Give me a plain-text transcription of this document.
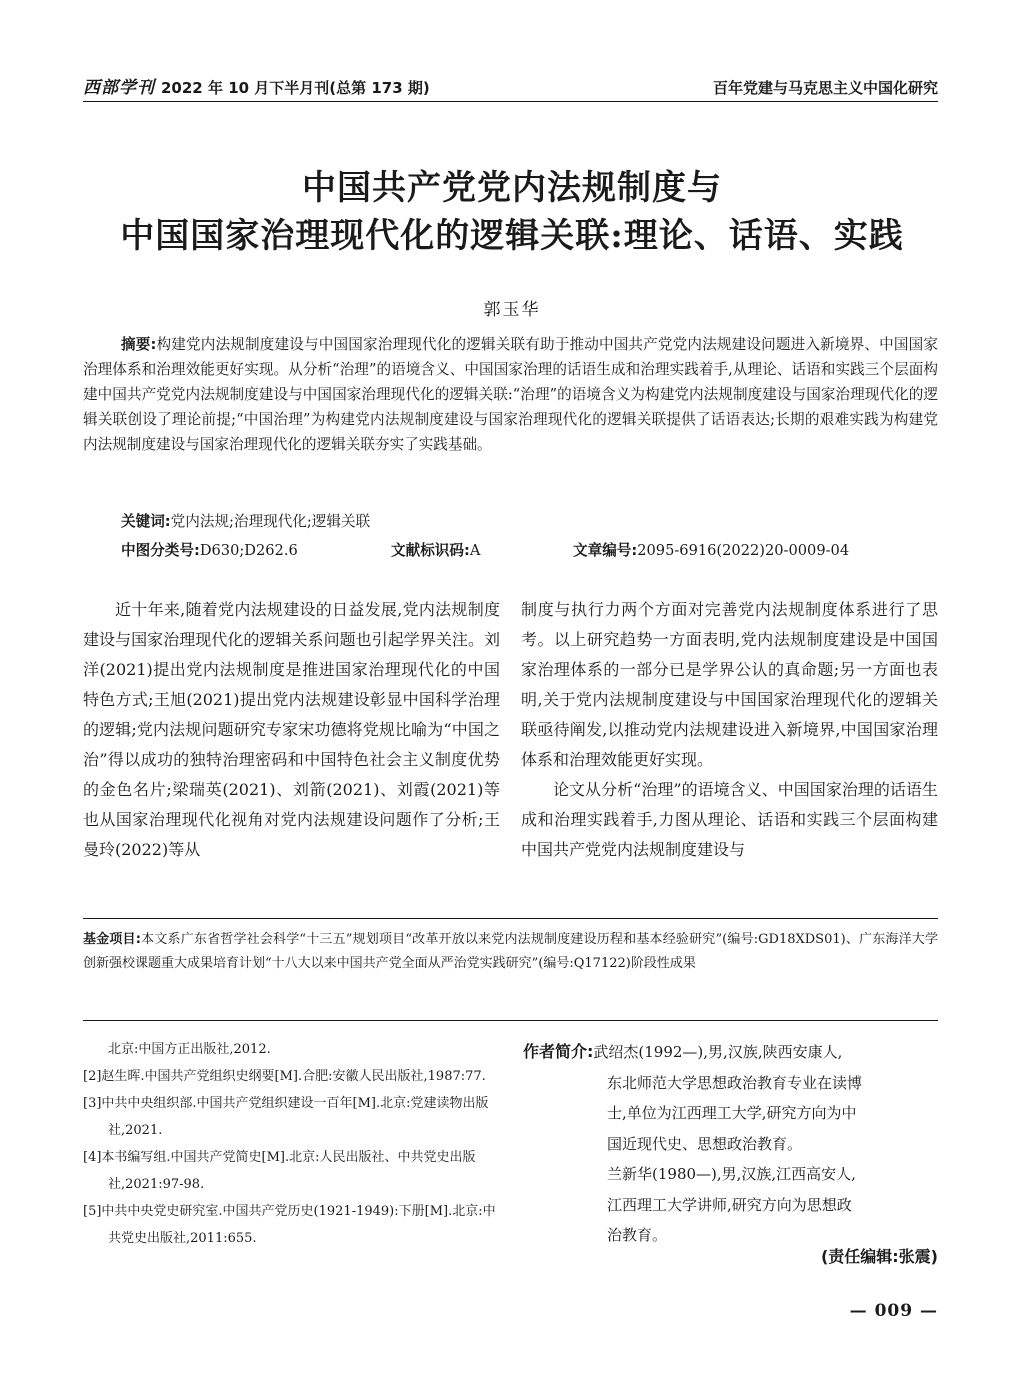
西部学刊 2022 年 10 月下半月刊(总第 173 期)	百年党建与马克思主义中国化研究
中国共产党党内法规制度与
中国国家治理现代化的逻辑关联:理论、话语、实践
郭玉华
摘要:构建党内法规制度建设与中国国家治理现代化的逻辑关联有助于推动中国共产党党内法规建设问题进入新境界、中国国家治理体系和治理效能更好实现。从分析“治理”的语境含义、中国国家治理的话语生成和治理实践着手,从理论、话语和实践三个层面构建中国共产党党内法规制度建设与中国国家治理现代化的逻辑关联:“治理”的语境含义为构建党内法规制度建设与国家治理现代化的逻辑关联创设了理论前提;“中国治理”为构建党内法规制度建设与国家治理现代化的逻辑关联提供了话语表达;长期的艰难实践为构建党内法规制度建设与国家治理现代化的逻辑关联夯实了实践基础。
关键词:党内法规;治理现代化;逻辑关联
中图分类号:D630;D262.6	文献标识码:A	文章编号:2095-6916(2022)20-0009-04

近十年来,随着党内法规建设的日益发展,党内法规制度建设与国家治理现代化的逻辑关系问题也引起学界关注。刘洋(2021)提出党内法规制度是推进国家治理现代化的中国特色方式;王旭(2021)提出党内法规建设彰显中国科学治理的逻辑;党内法规问题研究专家宋功德将党规比喻为“中国之治”得以成功的独特治理密码和中国特色社会主义制度优势的金色名片;梁瑞英(2021)、刘箭(2021)、刘霞(2021)等也从国家治理现代化视角对党内法规建设问题作了分析;王曼玲(2022)等从

制度与执行力两个方面对完善党内法规制度体系进行了思考。以上研究趋势一方面表明,党内法规制度建设是中国国家治理体系的一部分已是学界公认的真命题;另一方面也表明,关于党内法规制度建设与中国国家治理现代化的逻辑关联亟待阐发,以推动党内法规建设进入新境界,中国国家治理体系和治理效能更好实现。

论文从分析“治理”的语境含义、中国国家治理的话语生成和治理实践着手,力图从理论、话语和实践三个层面构建中国共产党党内法规制度建设与

基金项目:本文系广东省哲学社会科学“十三五”规划项目“改革开放以来党内法规制度建设历程和基本经验研究”(编号:GD18XDS01)、广东海洋大学创新强校课题重大成果培育计划“十八大以来中国共产党全面从严治党实践研究”(编号:Q17122)阶段性成果

北京:中国方正出版社,2012.

[2]赵生晖.中国共产党组织史纲要[M].合肥:安徽人民出版社,1987:77.

[3]中共中央组织部.中国共产党组织建设一百年[M].北京:党建读物出版社,2021.

[4]本书编写组.中国共产党简史[M].北京:人民出版社、中共党史出版社,2021:97-98.

[5]中共中央党史研究室.中国共产党历史(1921-1949):下册[M].北京:中共党史出版社,2011:655.

作者简介:武绍杰(1992—),男,汉族,陕西安康人,
东北师范大学思想政治教育专业在读博
士,单位为江西理工大学,研究方向为中
国近现代史、思想政治教育。
兰新华(1980—),男,汉族,江西高安人,
江西理工大学讲师,研究方向为思想政
治教育。
(责任编辑:张震)
— 009 —
